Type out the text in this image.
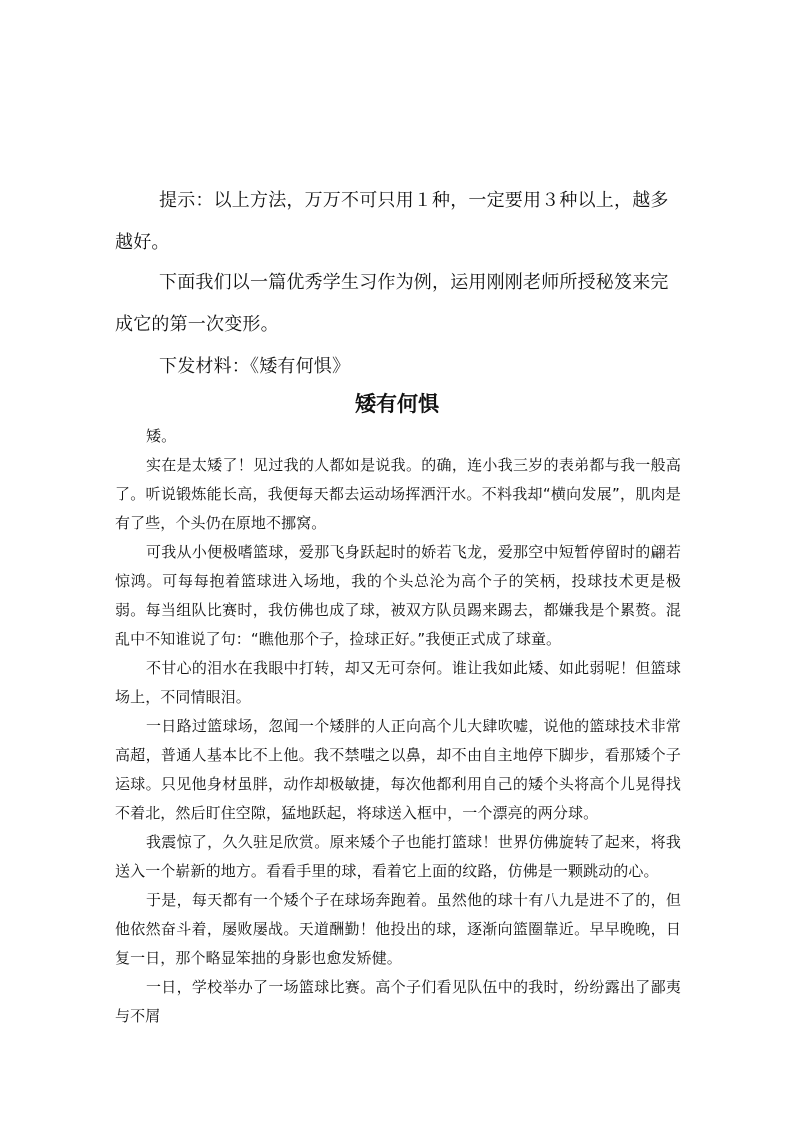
提示：以上方法，万万不可只用１种，一定要用３种以上，越多越好。

下面我们以一篇优秀学生习作为例，运用刚刚老师所授秘笈来完成它的第一次变形。

下发材料：《矮有何惧》

矮有何惧

矮。

实在是太矮了！见过我的人都如是说我。的确，连小我三岁的表弟都与我一般高了。听说锻炼能长高，我便每天都去运动场挥洒汗水。不料我却“横向发展”，肌肉是有了些，个头仍在原地不挪窝。

可我从小便极嗜篮球，爱那飞身跃起时的娇若飞龙，爱那空中短暂停留时的翩若惊鸿。可每每抱着篮球进入场地，我的个头总沦为高个子的笑柄，投球技术更是极弱。每当组队比赛时，我仿佛也成了球，被双方队员踢来踢去，都嫌我是个累赘。混乱中不知谁说了句：“瞧他那个子，捡球正好。”我便正式成了球童。

不甘心的泪水在我眼中打转，却又无可奈何。谁让我如此矮、如此弱呢！但篮球场上，不同情眼泪。

一日路过篮球场，忽闻一个矮胖的人正向高个儿大肆吹嘘，说他的篮球技术非常高超，普通人基本比不上他。我不禁嗤之以鼻，却不由自主地停下脚步，看那矮个子运球。只见他身材虽胖，动作却极敏捷，每次他都利用自己的矮个头将高个儿晃得找不着北，然后盯住空隙，猛地跃起，将球送入框中，一个漂亮的两分球。

我震惊了，久久驻足欣赏。原来矮个子也能打篮球！世界仿佛旋转了起来，将我送入一个崭新的地方。看看手里的球，看着它上面的纹路，仿佛是一颗跳动的心。

于是，每天都有一个矮个子在球场奔跑着。虽然他的球十有八九是进不了的，但他依然奋斗着，屡败屡战。天道酬勤！他投出的球，逐渐向篮圈靠近。早早晚晚，日复一日，那个略显笨拙的身影也愈发矫健。

一日，学校举办了一场篮球比赛。高个子们看见队伍中的我时，纷纷露出了鄙夷与不屑
